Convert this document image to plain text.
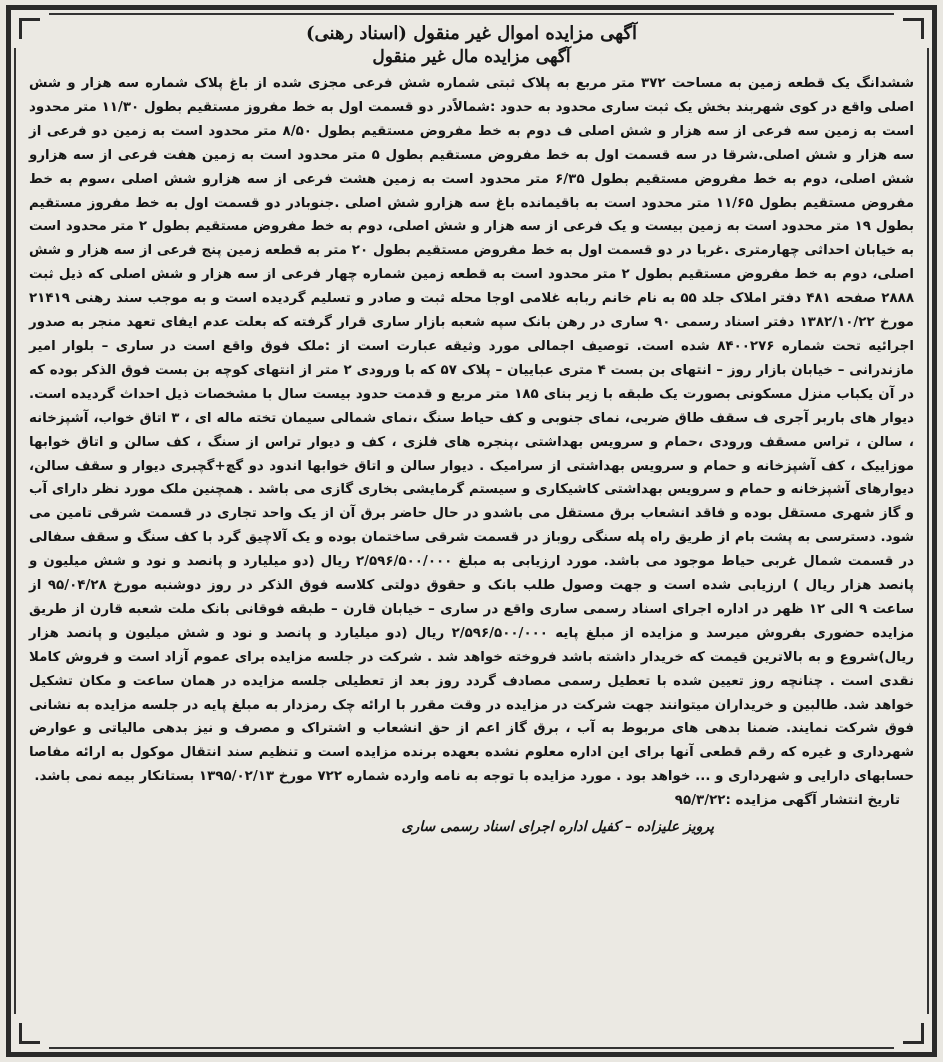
آگهی مزایده اموال غیر منقول (اسناد رهنی)
آگهی مزایده مال غیر منقول

ششدانگ یک قطعه زمین به مساحت ۳۷۲ متر مربع به پلاک ثبتی شماره شش فرعی مجزی شده از باغ پلاک شماره سه هزار و شش اصلی واقع در کوی شهربند بخش یک ثبت ساری محدود به حدود :شمالاًدر دو قسمت اول به خط مفروز مستقیم بطول ۱۱/۳۰ متر محدود است به زمین سه فرعی از سه هزار و شش اصلی ف دوم به خط مفروض مستقیم بطول ۸/۵۰ متر محدود است به زمین دو فرعی از سه هزار و شش اصلی.شرقا در سه قسمت اول به خط مفروض مستقیم بطول ۵ متر محدود است به زمین هفت فرعی از سه هزارو شش اصلی، دوم به خط مفروض مستقیم بطول ۶/۳۵ متر محدود است به زمین هشت فرعی از سه هزارو شش اصلی ،سوم به خط مفروض مستقیم بطول ۱۱/۶۵ متر محدود است به باقیمانده باغ سه هزارو شش اصلی .جنوبادر دو قسمت اول به خط مفروز مستقیم بطول ۱۹ متر محدود است به زمین بیست و یک فرعی از سه هزار و شش اصلی، دوم به خط مفروض مستقیم بطول ۲ متر محدود است به خیابان احداثی چهارمتری .غربا در دو قسمت اول به خط مفروض مستقیم بطول ۲۰ متر به قطعه زمین پنج فرعی از سه هزار و شش اصلی، دوم به خط مفروض مستقیم بطول ۲ متر محدود است به قطعه زمین شماره چهار فرعی از سه هزار و شش اصلی که ذیل ثبت ۲۸۸۸ صفحه ۴۸۱ دفتر املاک جلد ۵۵ به نام خانم ربابه غلامی اوجا محله ثبت و صادر و تسلیم گردیده است و به موجب سند رهنی ۲۱۴۱۹ مورخ ۱۳۸۲/۱۰/۲۲ دفتر اسناد رسمی ۹۰ ساری در رهن بانک سپه شعبه بازار ساری قرار گرفته که بعلت عدم ایفای تعهد منجر به صدور اجرائیه تحت شماره ۸۴۰۰۲۷۶ شده است. توصیف اجمالی مورد وثیقه عبارت است از :ملک فوق واقع است در ساری – بلوار امیر مازندرانی – خیابان بازار روز – انتهای بن بست ۴ متری عباییان – پلاک ۵۷ که با ورودی ۲ متر از انتهای کوچه بن بست فوق الذکر بوده که در آن یکباب منزل مسکونی بصورت یک طبقه با زیر بنای ۱۸۵ متر مربع و قدمت حدود بیست سال با مشخصات ذیل احداث گردیده است. دیوار های باربر آجری ف سقف طاق ضربی، نمای جنوبی و کف حیاط سنگ ،نمای شمالی سیمان تخته ماله ای ، ۳ اتاق خواب، آشپزخانه ، سالن ، تراس مسقف ورودی ،حمام و سرویس بهداشتی ،پنجره های فلزی ، کف و دیوار تراس از سنگ ، کف سالن و اتاق خوابها موزاییک ، کف آشپزخانه و حمام و سرویس بهداشتی از سرامیک . دیوار سالن و اتاق خوابها اندود دو گچ+گچبری دیوار و سقف سالن، دیوارهای آشپزخانه و حمام و سرویس بهداشتی کاشیکاری و سیستم گرمایشی بخاری گازی می باشد . همچنین ملک مورد نظر دارای آب و گاز شهری مستقل بوده و فاقد انشعاب برق مستقل می باشدو در حال حاضر برق آن از یک واحد تجاری در قسمت شرقی تامین می شود. دسترسی به پشت بام از طریق راه پله سنگی روباز در قسمت شرقی ساختمان بوده و یک آلاچیق گرد با کف سنگ و سقف سفالی در قسمت شمال غربی حیاط موجود می باشد. مورد ارزیابی به مبلغ ۲/۵۹۶/۵۰۰/۰۰۰ ریال (دو میلیارد و پانصد و نود و شش میلیون و پانصد هزار ریال ) ارزیابی شده است و جهت وصول طلب بانک و حقوق دولتی کلاسه فوق الذکر در روز دوشنبه مورخ ۹۵/۰۴/۲۸ از ساعت ۹ الی ۱۲ ظهر در اداره اجرای اسناد رسمی ساری واقع در ساری – خیابان قارن – طبقه فوقانی بانک ملت شعبه قارن از طریق مزایده حضوری بفروش میرسد و مزایده از مبلغ پایه ۲/۵۹۶/۵۰۰/۰۰۰ ریال (دو میلیارد و پانصد و نود و شش میلیون و پانصد هزار ریال)شروع و به بالاترین قیمت که خریدار داشته باشد فروخته خواهد شد . شرکت در جلسه مزایده برای عموم آزاد است و فروش کاملا نقدی است . چنانچه روز تعیین شده با تعطیل رسمی مصادف گردد روز بعد از تعطیلی جلسه مزایده در همان ساعت و مکان تشکیل خواهد شد. طالبین و خریداران میتوانند جهت شرکت در مزایده در وقت مقرر با ارائه چک رمزدار به مبلغ پایه در جلسه مزایده به نشانی فوق شرکت نمایند. ضمنا بدهی های مربوط به آب ، برق گاز اعم از حق انشعاب و اشتراک و مصرف و نیز بدهی مالیاتی و عوارض شهرداری و غیره که رقم قطعی آنها برای این اداره معلوم نشده بعهده برنده مزایده است و تنظیم سند انتقال موکول به ارائه مفاصا حسابهای دارایی و شهرداری و ... خواهد بود . مورد مزایده با توجه به نامه وارده شماره ۷۲۲ مورخ ۱۳۹۵/۰۲/۱۳ بستانکار بیمه نمی باشد.

تاریخ انتشار آگهی مزایده :۹۵/۳/۲۲

پرویز علیزاده – کفیل اداره اجرای اسناد رسمی ساری
